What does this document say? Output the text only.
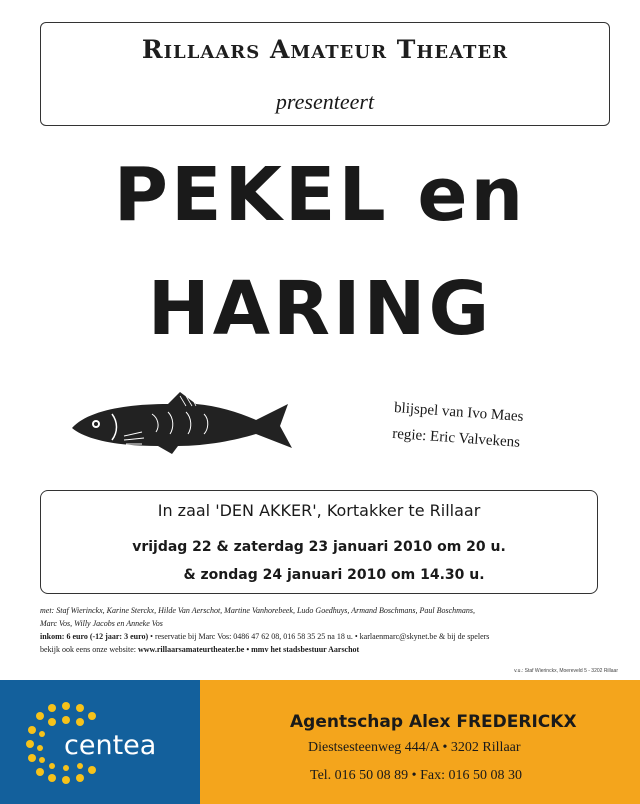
Rillaars Amateur Theater
presenteert
PEKEL en
HARING
blijspel van Ivo Maes
regie: Eric Valvekens
In zaal 'DEN AKKER', Kortakker te Rillaar
vrijdag 22 & zaterdag 23 januari 2010 om 20 u.
& zondag 24 januari 2010 om 14.30 u.
met: Staf Wierinckx, Karine Sterckx, Hilde Van Aerschot, Martine Vanhorebeek, Ludo Goedhuys, Armand Boschmans, Paul Boschmans,
Marc Vos, Willy Jacobs en Anneke Vos
inkom: 6 euro (-12 jaar: 3 euro) • reservatie bij Marc Vos: 0486 47 62 08, 016 58 35 25 na 18 u. • karlaenmarc@skynet.be & bij de spelers
bekijk ook eens onze website: www.rillaarsamateurtheater.be • mmv het stadsbestuur Aarschot
v.u.: Staf Wierinckx, Moereveld 5 - 3202 Rillaar
centea
Agentschap Alex FREDERICKX
Diestsesteenweg 444/A • 3202 Rillaar
Tel. 016 50 08 89 • Fax: 016 50 08 30
